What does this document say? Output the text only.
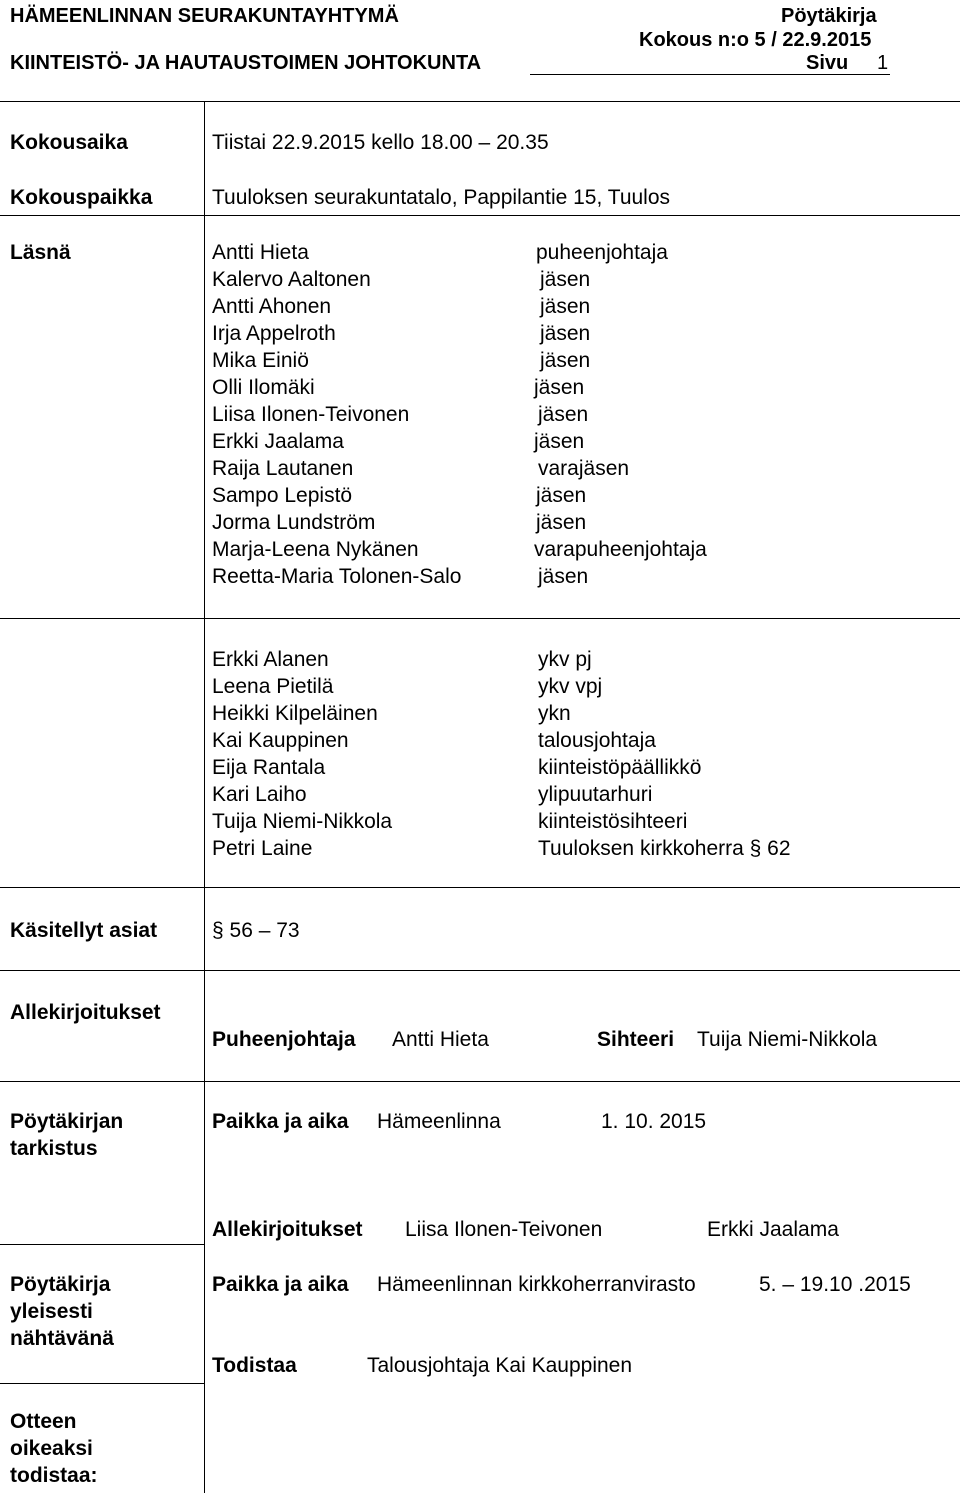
HÄMEENLINNAN SEURAKUNTAYHTYMÄ	Pöytäkirja
Kokous n:o 5 / 22.9.2015
KIINTEISTÖ- JA HAUTAUSTOIMEN JOHTOKUNTA	Sivu 1
Kokousaika	Tiistai 22.9.2015 kello 18.00 – 20.35
Kokouspaikka	Tuuloksen seurakuntatalo, Pappilantie 15, Tuulos
Läsnä	Antti Hieta	puheenjohtaja
Kalervo Aaltonen	jäsen
Antti Ahonen	jäsen
Irja Appelroth	jäsen
Mika Einiö	jäsen
Olli Ilomäki	jäsen
Liisa Ilonen-Teivonen	jäsen
Erkki Jaalama	jäsen
Raija Lautanen	varajäsen
Sampo Lepistö	jäsen
Jorma Lundström	jäsen
Marja-Leena Nykänen	varapuheenjohtaja
Reetta-Maria Tolonen-Salo	jäsen
Erkki Alanen	ykv pj
Leena Pietilä	ykv vpj
Heikki Kilpeläinen	ykn
Kai Kauppinen	talousjohtaja
Eija Rantala	kiinteistöpäällikkö
Kari Laiho	ylipuutarhuri
Tuija Niemi-Nikkola	kiinteistösihteeri
Petri Laine	Tuuloksen kirkkoherra § 62
Käsitellyt asiat	§ 56 – 73
Allekirjoitukset
Puheenjohtaja Antti Hieta	Sihteeri Tuija Niemi-Nikkola
Pöytäkirjan
tarkistus
Paikka ja aika Hämeenlinna	1. 10. 2015
Allekirjoitukset Liisa Ilonen-Teivonen	Erkki Jaalama
Pöytäkirja
yleisesti
nähtävänä
Paikka ja aika Hämeenlinnan kirkkoherranvirasto	5. – 19.10 .2015
Todistaa	Talousjohtaja Kai Kauppinen
Otteen
oikeaksi
todistaa:
